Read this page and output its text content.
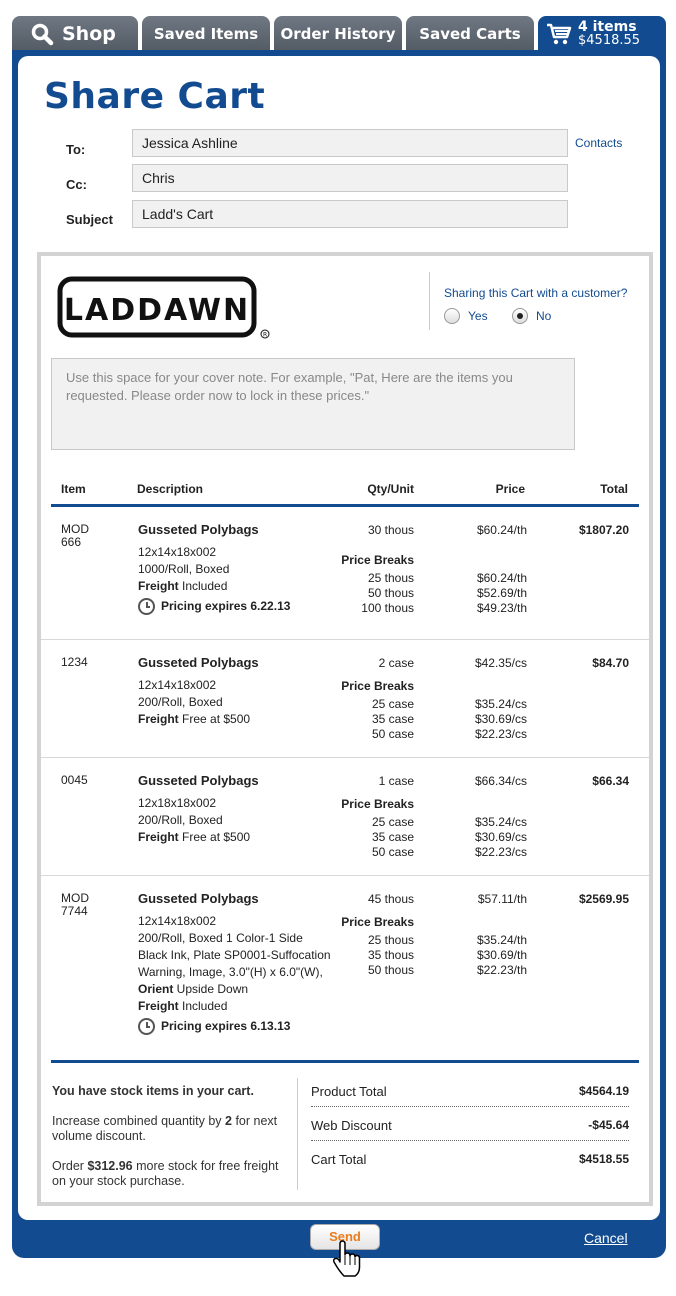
Shop	Saved Items	Order History	Saved Carts	4 items
$4518.55
Share Cart
To:	Jessica Ashline	Contacts
Cc:	Chris
Subject	Ladd's Cart
LADDAWN
R
Sharing this Cart with a customer?
Yes	No
Use this space for your cover note. For example, "Pat, Here are the items you requested. Please order now to lock in these prices."
Item	Description	Qty/Unit	Price	Total
MOD
666
Gusseted Polybags
12x14x18x002
1000/Roll, Boxed
Freight Included
Pricing expires 6.22.13
30 thous	$60.24/th	$1807.20
Price Breaks
25 thous	$60.24/th
50 thous	$52.69/th
100 thous	$49.23/th
1234	Gusseted Polybags
12x14x18x002
200/Roll, Boxed
Freight Free at $500
2 case	$42.35/cs	$84.70
Price Breaks
25 case	$35.24/cs
35 case	$30.69/cs
50 case	$22.23/cs
0045	Gusseted Polybags
12x18x18x002
200/Roll, Boxed
Freight Free at $500
1 case	$66.34/cs	$66.34
Price Breaks
25 case	$35.24/cs
35 case	$30.69/cs
50 case	$22.23/cs
MOD
7744
Gusseted Polybags
12x14x18x002
200/Roll, Boxed 1 Color-1 Side
Black Ink, Plate SP0001-Suffocation
Warning, Image, 3.0"(H) x 6.0"(W),
Orient Upside Down
Freight Included
Pricing expires 6.13.13
45 thous	$57.11/th	$2569.95
Price Breaks
25 thous	$35.24/th
35 thous	$30.69/th
50 thous	$22.23/th
You have stock items in your cart.
Increase combined quantity by 2 for next volume discount.
Order $312.96 more stock for free freight on your stock purchase.
Product Total	$4564.19
Web Discount	-$45.64
Cart Total	$4518.55
Send	Cancel
